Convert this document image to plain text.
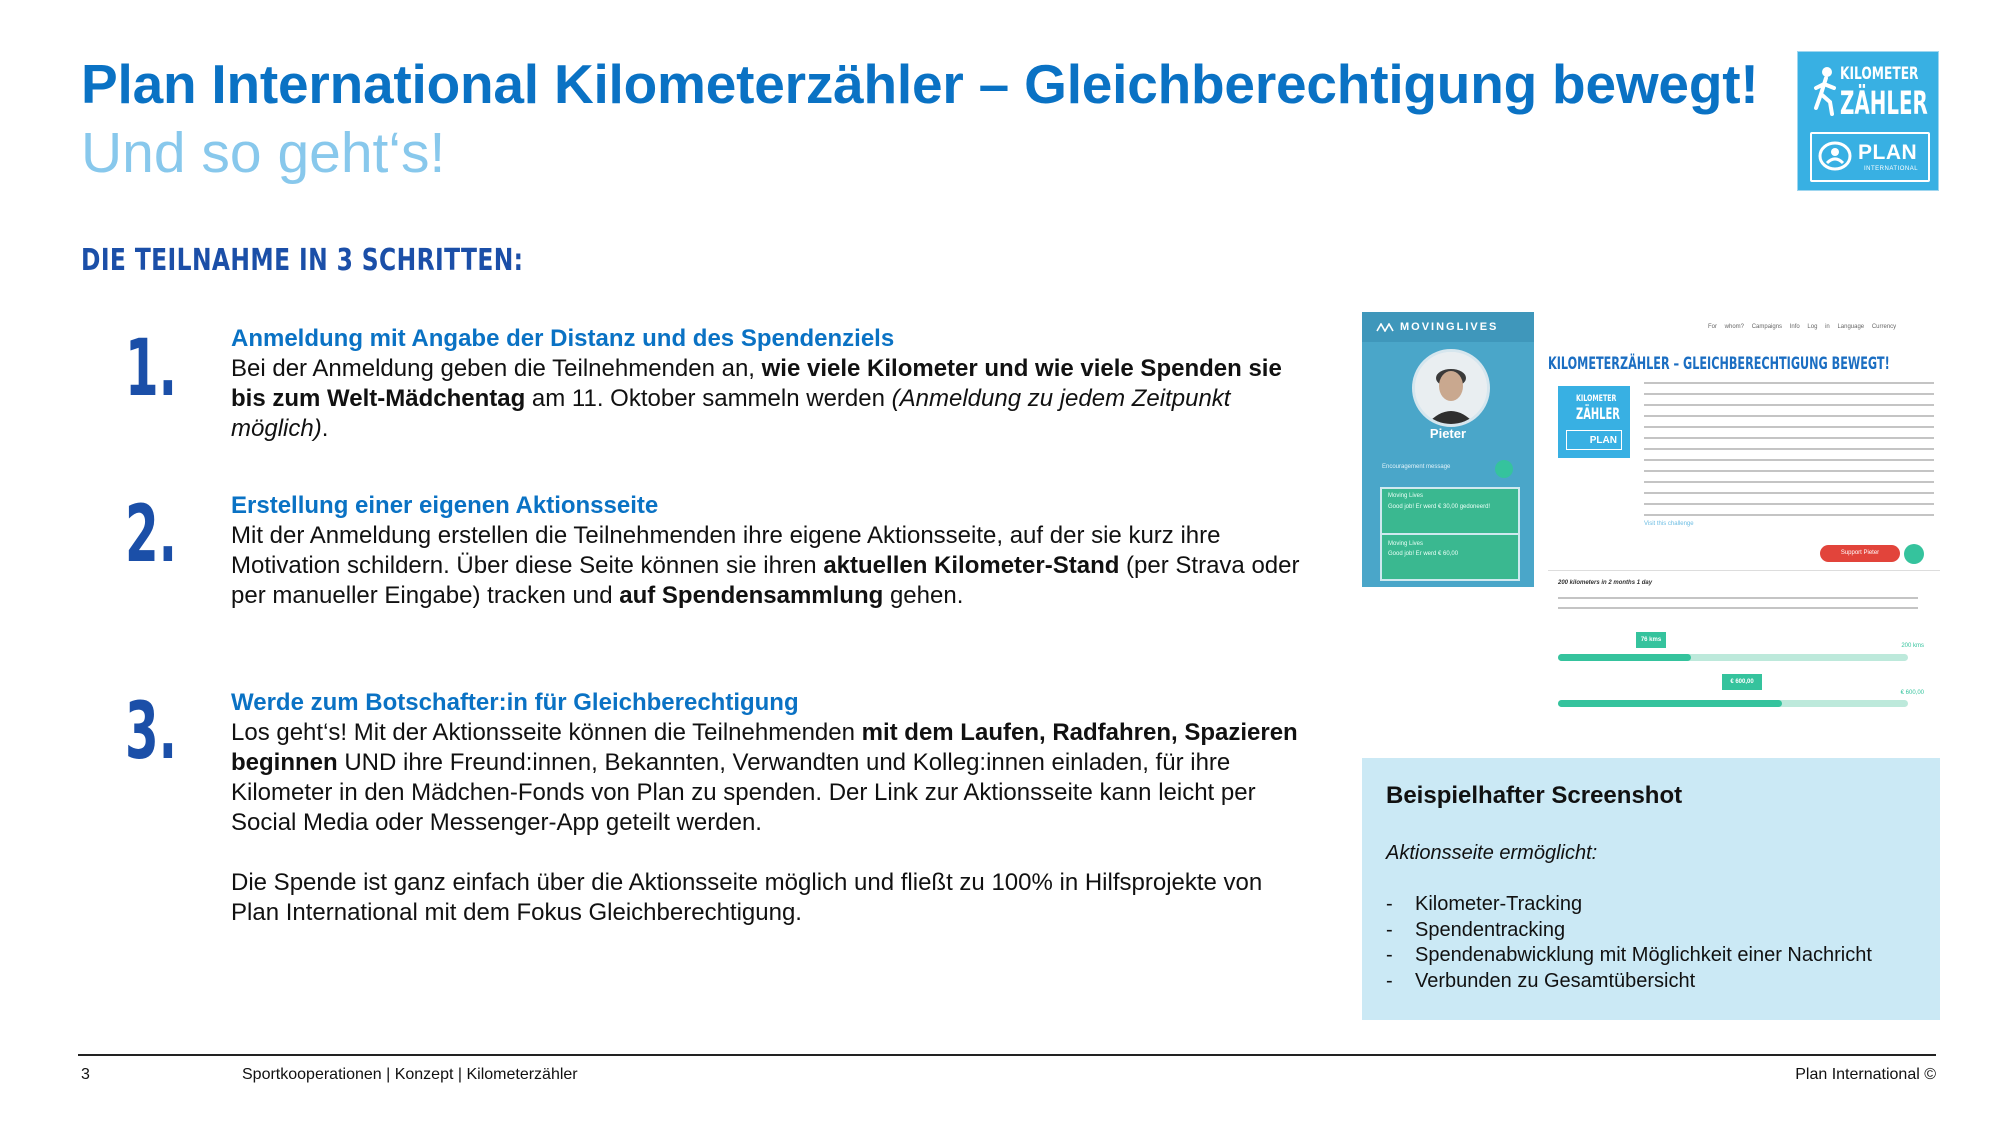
Plan International Kilometerzähler – Gleichberechtigung bewegt!
Und so geht‘s!
KILOMETER
ZÄHLER
PLAN
INTERNATIONAL
DIE TEILNAHME IN 3 SCHRITTEN:
1. Anmeldung mit Angabe der Distanz und des Spendenziels
Bei der Anmeldung geben die Teilnehmenden an, wie viele Kilometer und wie viele Spenden sie bis zum Welt-Mädchentag am 11. Oktober sammeln werden (Anmeldung zu jedem Zeitpunkt möglich).
2. Erstellung einer eigenen Aktionsseite
Mit der Anmeldung erstellen die Teilnehmenden ihre eigene Aktionsseite, auf der sie kurz ihre Motivation schildern. Über diese Seite können sie ihren aktuellen Kilometer-Stand (per Strava oder per manueller Eingabe) tracken und auf Spendensammlung gehen.
3. Werde zum Botschafter:in für Gleichberechtigung
Los geht‘s! Mit der Aktionsseite können die Teilnehmenden mit dem Laufen, Radfahren, Spazieren beginnen UND ihre Freund:innen, Bekannten, Verwandten und Kolleg:innen einladen, für ihre Kilometer in den Mädchen-Fonds von Plan zu spenden. Der Link zur Aktionsseite kann leicht per Social Media oder Messenger-App geteilt werden.
Die Spende ist ganz einfach über die Aktionsseite möglich und fließt zu 100% in Hilfsprojekte von Plan International mit dem Fokus Gleichberechtigung.
MOVINGLIVES
Pieter
Encouragement message
Moving Lives
Good job! Er werd € 30,00 gedoneerd!
Moving Lives
Good job! Er werd € 60,00
For whom? Campaigns Info Log in Language Currency
KILOMETERZÄHLER – GLEICHBERECHTIGUNG BEWEGT!
KILOMETER
ZÄHLER
PLAN
Visit this challenge
Support Pieter
200 kilometers in 2 months 1 day
76 kms
200 kms
€ 600,00
€ 600,00
Beispielhafter Screenshot
Aktionsseite ermöglicht:
- Kilometer-Tracking
- Spendentracking
- Spendenabwicklung mit Möglichkeit einer Nachricht
- Verbunden zu Gesamtübersicht
3	Sportkooperationen | Konzept | Kilometerzähler	Plan International ©
